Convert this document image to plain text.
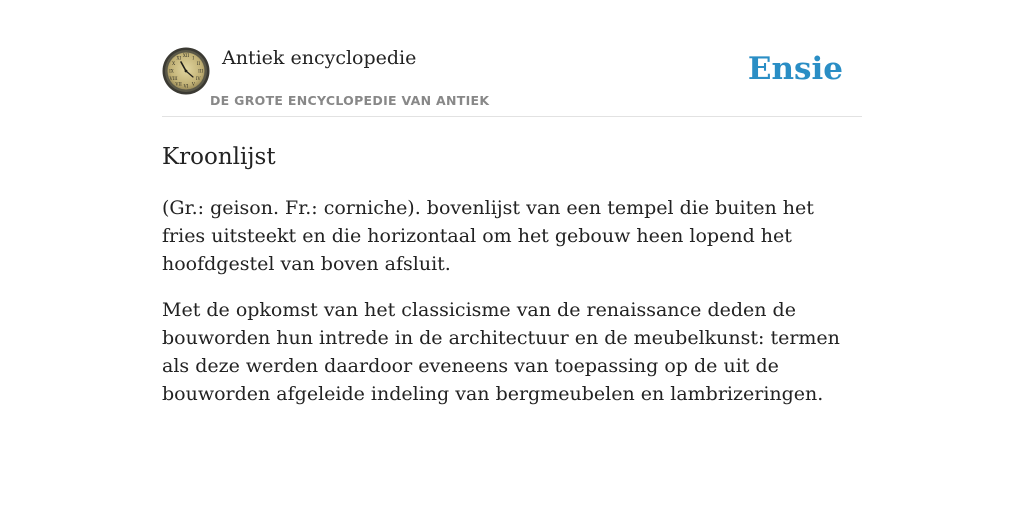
XII
III
VI
IX
I
II
IV
V
VII
VIII
X
XI Antiek encyclopedie
DE GROTE ENCYCLOPEDIE VAN ANTIEK
Ensie
Kroonlijst

(Gr.: geison. Fr.: corniche). bovenlijst van een tempel die buiten het fries uitsteekt en die horizontaal om het gebouw heen lopend het hoofdgestel van boven afsluit.

Met de opkomst van het classicisme van de renaissance deden de bouworden hun intrede in de architectuur en de meubelkunst: termen als deze werden daardoor eveneens van toepassing op de uit de bouworden afgeleide indeling van bergmeubelen en lambrizeringen.
